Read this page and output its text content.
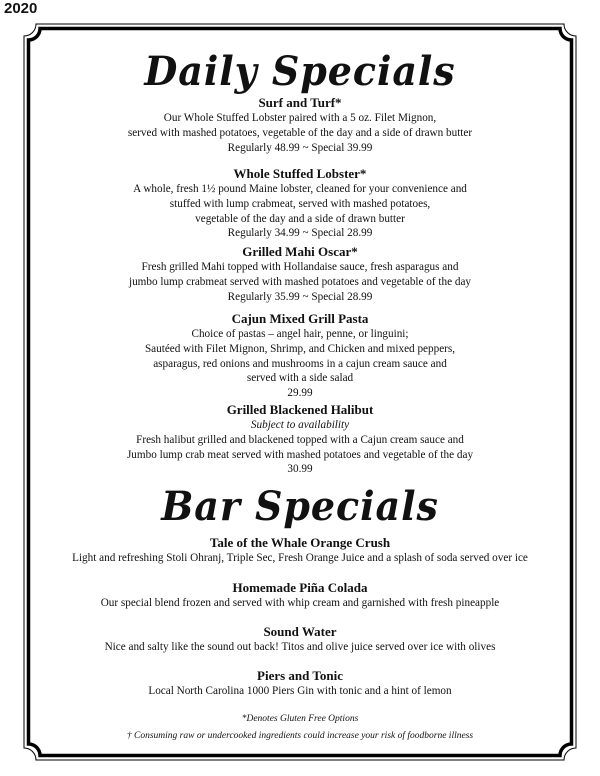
2020
Daily Specials
Surf and Turf*
Our Whole Stuffed Lobster paired with a 5 oz. Filet Mignon,
served with mashed potatoes, vegetable of the day and a side of drawn butter
Regularly 48.99 ~ Special 39.99
Whole Stuffed Lobster*
A whole, fresh 1½ pound Maine lobster, cleaned for your convenience and
stuffed with lump crabmeat, served with mashed potatoes,
vegetable of the day and a side of drawn butter
Regularly 34.99 ~ Special 28.99
Grilled Mahi Oscar*
Fresh grilled Mahi topped with Hollandaise sauce, fresh asparagus and
jumbo lump crabmeat served with mashed potatoes and vegetable of the day
Regularly 35.99 ~ Special 28.99
Cajun Mixed Grill Pasta
Choice of pastas – angel hair, penne, or linguini;
Sautéed with Filet Mignon, Shrimp, and Chicken and mixed peppers,
asparagus, red onions and mushrooms in a cajun cream sauce and
served with a side salad
29.99
Grilled Blackened Halibut
Subject to availability
Fresh halibut grilled and blackened topped with a Cajun cream sauce and
Jumbo lump crab meat served with mashed potatoes and vegetable of the day
30.99
Bar Specials
Tale of the Whale Orange Crush
Light and refreshing Stoli Ohranj, Triple Sec, Fresh Orange Juice and a splash of soda served over ice
Homemade Piña Colada
Our special blend frozen and served with whip cream and garnished with fresh pineapple
Sound Water
Nice and salty like the sound out back! Titos and olive juice served over ice with olives
Piers and Tonic
Local North Carolina 1000 Piers Gin with tonic and a hint of lemon
*Denotes Gluten Free Options
† Consuming raw or undercooked ingredients could increase your risk of foodborne illness
